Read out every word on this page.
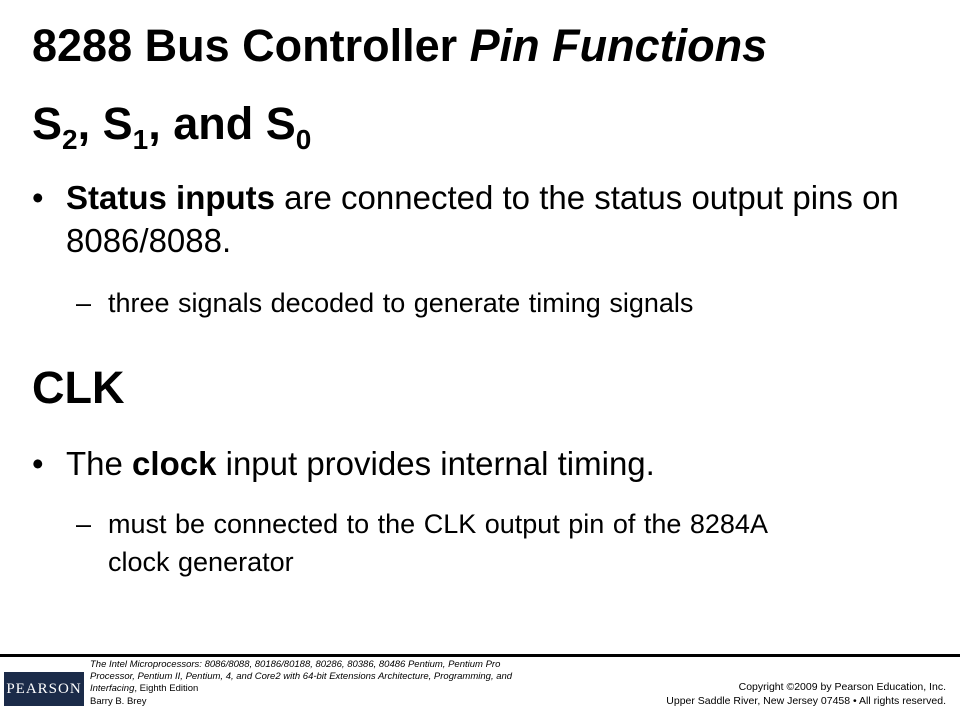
8288 Bus Controller Pin Functions
$S_2$, $S_1$, and $S_0$
• Status inputs are connected to the status output pins on 8086/8088.
– three signals decoded to generate timing signals
CLK
• The clock input provides internal timing.
– must be connected to the CLK output pin of the 8284A clock generator
PEARSON
The Intel Microprocessors: 8086/8088, 80186/80188, 80286, 80386, 80486 Pentium, Pentium Pro Processor, Pentium II, Pentium, 4, and Core2 with 64-bit Extensions Architecture, Programming, and Interfacing, Eighth Edition
Barry B. Brey
Copyright ©2009 by Pearson Education, Inc.
Upper Saddle River, New Jersey 07458 • All rights reserved.
